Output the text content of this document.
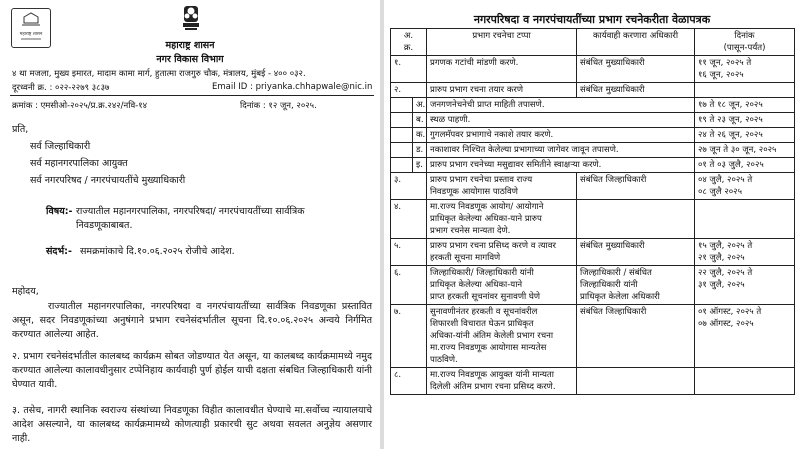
महाराष्ट्र शासन
महाराष्ट्र शासन
नगर विकास विभाग
४ था मजला, मुख्य इमारत, मादाम कामा मार्ग, हुतात्मा राजगुरु चौक, मंत्रालय, मुंबई - ४०० ०३२.
दूरध्वनी क्र. : ०२२-२२७९ ३८३७	Email ID : priyanka.chhapwale@nic.in
क्रमांक : एमसीओ-२०२५/प्र.क्र.२४२/नवि-१४	दिनांक : १२ जून, २०२५.
प्रति,
सर्व जिल्हाधिकारी
सर्व महानगरपालिका आयुक्त
सर्व नगरपरिषद / नगरपंचायतींचे मुख्याधिकारी
विषय:- राज्यातील महानगरपालिका, नगरपरिषदा/ नगरपंचायतींच्या सार्वत्रिक
निवडणूकाबाबत.
संदर्भ:- समक्रमांकाचे दि.१०.०६.२०२५ रोजीचे आदेश.
महोदय,
राज्यातील महानगरपालिका, नगरपरिषदा व नगरपंचायतींच्या सार्वत्रिक निवडणूका प्रस्तावित असून, सदर निवडणूकांच्या अनुषंगाने प्रभाग रचनेसंदर्भातील सूचना दि.१०.०६.२०२५ अन्वये निर्गमित करण्यात आलेल्या आहेत.
२. प्रभाग रचनेसंदर्भातील कालबध्द कार्यक्रम सोबत जोडण्यात येत असून, या कालबध्द कार्यक्रमामध्ये नमुद करण्यात आलेल्या कालावधीनुसार टप्पेनिहाय कार्यवाही पुर्ण होईल याची दक्षता संबधित जिल्हाधिकारी यांनी घेण्यात यावी.
३. तसेच, नागरी स्थानिक स्वराज्य संस्थांच्या निवडणूका विहीत कालावधीत घेण्याचे मा.सर्वोच्च न्यायालयाचे आदेश असल्याने, या कालबध्द कार्यक्रमामध्ये कोणत्याही प्रकारची सुट अथवा सवलत अनुज्ञेय असणार नाही.
नगरपरिषदा व नगरपंचायतींच्या प्रभाग रचनेकरीता वेळापत्रक
अ.
क्र.		प्रभाग रचनेचा टप्पा	कार्यवाही करणारा अधिकारी	दिनांक
(पासून-पर्यंत)
१.		प्रगणक गटांची मांडणी करणे.	संबंधित मुख्याधिकारी	११ जून, २०२५ ते
१६ जून, २०२५
२.		प्रारुप प्रभाग रचना तयार करणे	संबंधित मुख्याधिकारी	
	अ.	जनगणनेचनेची प्राप्त माहिती तपासणे.		१७ ते १८ जून, २०२५
	ब.	स्थळ पाहणी.		१९ ते २३ जून, २०२५
	क.	गुगलमॅपवर प्रभागाचे नकाशे तयार करणे.		२४ ते २६ जून, २०२५
	ड.	नकाशावर निश्चित केलेल्या प्रभागाच्या जागेवर जावून तपासणे.		२७ जून ते ३० जून, २०२५
	इ.	प्रारुप प्रभाग रचनेच्या मसुद्यावर समितीने स्वाक्षऱ्या करणे.		०१ ते ०३ जुलै, २०२५
३.		प्रारुप प्रभाग रचनेचा प्रस्ताव राज्य
निवडणूक आयोगास पाठविणे	संबंधित जिल्हाधिकारी	०४ जुलै, २०२५ ते
०८ जुलै २०२५
४.		मा.राज्य निवडणूक आयोग/ आयोगाने
प्राधिकृत केलेल्या अधिका-याने प्रारुप
प्रभाग रचनेस मान्यता देणे.		
५.		प्रारुप प्रभाग रचना प्रसिध्द करणे व त्यावर
हरकती सूचना मागविणे	संबंधित मुख्याधिकारी	१५ जुलै, २०२५ ते
२१ जुलै, २०२५
६.		जिल्हाधिकारी/ जिल्हाधिकारी यांनी
प्राधिकृत केलेल्या अधिका-याने
प्राप्त हरकती सूचनांवर सुनावणी घेणे	जिल्हाधिकारी / संबंधित
जिल्हाधिकारी यांनी
प्राधिकृत केलेला अधिकारी	२२ जुलै, २०२५ ते
३१ जुलै, २०२५
७.		सुनावणीनंतर हरकती व सूचनांवरील
शिफारशी विचारात घेऊन प्राधिकृत
अधिका-यांनी अंतिम केलेली प्रभाग रचना
मा.राज्य निवडणूक आयोगास मान्यतेस
पाठविणे.	संबंधित जिल्हाधिकारी	०१ ऑगस्ट, २०२५ ते
०७ ऑगस्ट, २०२५
८.		मा.राज्य निवडणूक आयुक्त यांनी मान्यता
दिलेली अंतिम प्रभाग रचना प्रसिध्द करणे.		
